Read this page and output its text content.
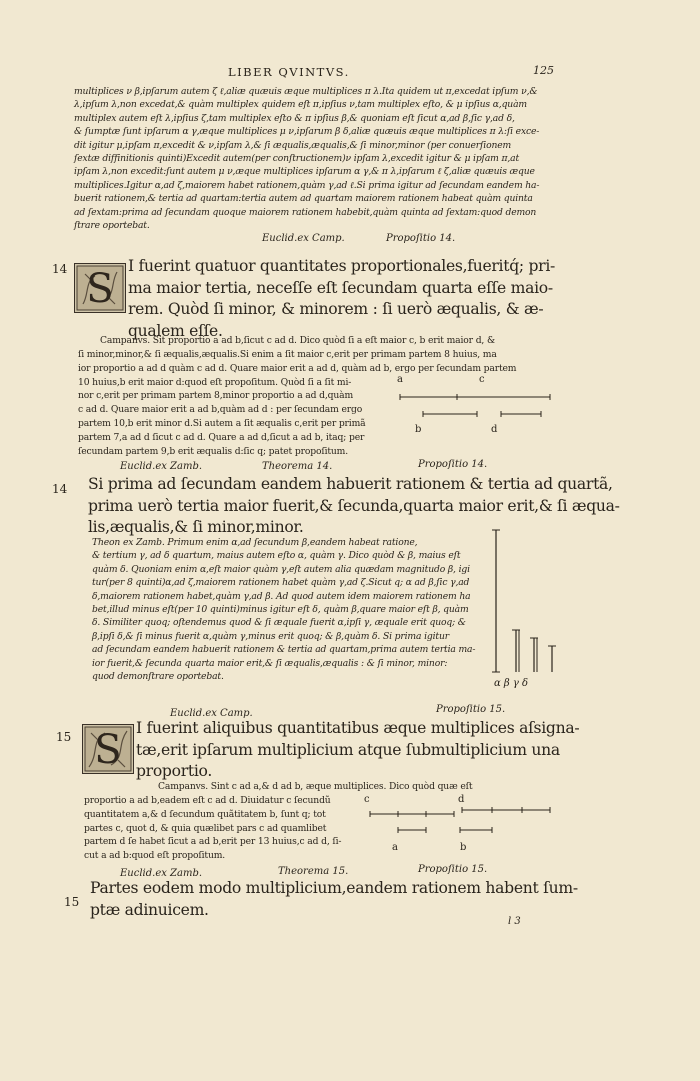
LIBER QVINTVS.	125
multiplices ν β,ipſarum autem ζ ℓ,aliæ quæuis æque multiplices π λ.Ita quidem ut π,excedat ipſum ν,&
λ,ipſum λ,non excedat,& quàm multiplex quidem eſt π,ipſius ν,tam multiplex eſto, & μ ipſius α,quàm
multiplex autem eſt λ,ipſius ζ,tam multiplex eſto & π ipſius β,& quoniam eſt ſicut α,ad β,ſic γ,ad δ,
& ſumptæ ſunt ipſarum α γ,æque multiplices μ ν,ipſarum β δ,aliæ quæuis æque multiplices π λ:ſi exce-
dit igitur μ,ipſam π,excedit & ν,ipſam λ,& ſi æqualis,æqualis,& ſi minor,minor (per conuerſionem
ſextæ diffinitionis quinti)Excedit autem(per conſtructionem)ν ipſam λ,excedit igitur & μ ipſam π,at
ipſam λ,non excedit:ſunt autem μ ν,æque multiplices ipſarum α γ,& π λ,ipſarum ℓ ζ,aliæ quæuis æque
multiplices.Igitur α,ad ζ,maiorem habet rationem,quàm γ,ad ℓ.Si prima igitur ad ſecundam eandem ha-
buerit rationem,& tertia ad quartam:tertia autem ad quartam maiorem rationem habeat quàm quinta
ad ſextam:prima ad ſecundam quoque maiorem rationem habebit,quàm quinta ad ſextam:quod demon
ſtrare oportebat.
Euclid.ex Camp.	Propoſitio 14.
14 S I fuerint quatuor quantitates proportionales,fueritq́; pri-
ma maior tertia, neceſſe eſt ſecundam quarta eſſe maio-
rem. Quòd ſi minor, & minorem : ſi uerò æqualis, & æ-
qualem eſſe.
Campanvs. Sit proportio a ad b,ſicut c ad d. Dico quòd ſi a eſt maior c, b erit maior d, &
ſi minor,minor,& ſi æqualis,æqualis.Si enim a ſit maior c,erit per primam partem 8 huius, ma
ior proportio a ad d quàm c ad d. Quare maior erit a ad d, quàm ad b, ergo per ſecundam partem
10 huius,b erit maior d:quod eſt propoſitum. Quòd ſi a ſit mi-
nor c,erit per primam partem 8,minor proportio a ad d,quàm
c ad d. Quare maior erit a ad b,quàm ad d : per ſecundam ergo
partem 10,b erit minor d.Si autem a ſit æqualis c,erit per primã
partem 7,a ad d ſicut c ad d. Quare a ad d,ſicut a ad b, itaq; per
ſecundam partem 9,b erit æqualis d:ſic q; patet propoſitum.
a	c
b	d
Euclid.ex Zamb.	Theorema 14.	Propoſitio 14.
14 Si prima ad ſecundam eandem habuerit rationem & tertia ad quartã,
prima uerò tertia maior fuerit,& ſecunda,quarta maior erit,& ſi æqua-
lis,æqualis,& ſi minor,minor.
Theon ex Zamb. Primum enim α,ad ſecundum β,eandem habeat ratione,
& tertium γ, ad δ quartum, maius autem eſto α, quàm γ. Dico quòd & β, maius eſt
quàm δ. Quoniam enim α,eſt maior quàm γ,eſt autem alia quædam magnitudo β, igi
tur(per 8 quinti)α,ad ζ,maiorem rationem habet quàm γ,ad ζ.Sicut q; α ad β,ſic γ,ad
δ,maiorem rationem habet,quàm γ,ad β. Ad quod autem idem maiorem rationem ha
bet,illud minus eſt(per 10 quinti)minus igitur eſt δ, quàm β,quare maior eſt β, quàm
δ. Similiter quoq; oſtendemus quod & ſi æquale fuerit α,ipſi γ, æquale erit quoq; &
β,ipſi δ,& ſi minus fuerit α,quàm γ,minus erit quoq; & β,quàm δ. Si prima igitur
ad ſecundam eandem habuerit rationem & tertia ad quartam,prima autem tertia ma-
ior fuerit,& ſecunda quarta maior erit,& ſi æqualis,æqualis : & ſi minor, minor:
quod demonſtrare oportebat.
α β γ δ
Euclid.ex Camp.	Propoſitio 15.
15 S I fuerint aliquibus quantitatibus æque multiplices aſsigna-
tæ,erit ipſarum multiplicium atque ſubmultiplicium una
proportio.
Campanvs. Sint c ad a,& d ad b, æque multiplices. Dico quòd quæ eſt
proportio a ad b,eadem eſt c ad d. Diuidatur c ſecundũ
quantitatem a,& d ſecundum quãtitatem b, ſunt q; tot
partes c, quot d, & quia quælibet pars c ad quamlibet
partem d ſe habet ſicut a ad b,erit per 13 huius,c ad d, ſi-
cut a ad b:quod eſt propoſitum.
c	d
a	b
Euclid.ex Zamb.	Theorema 15.	Propoſitio 15.
15
Partes eodem modo multiplicium,eandem rationem habent ſum-
ptæ adinuicem.
l 3
